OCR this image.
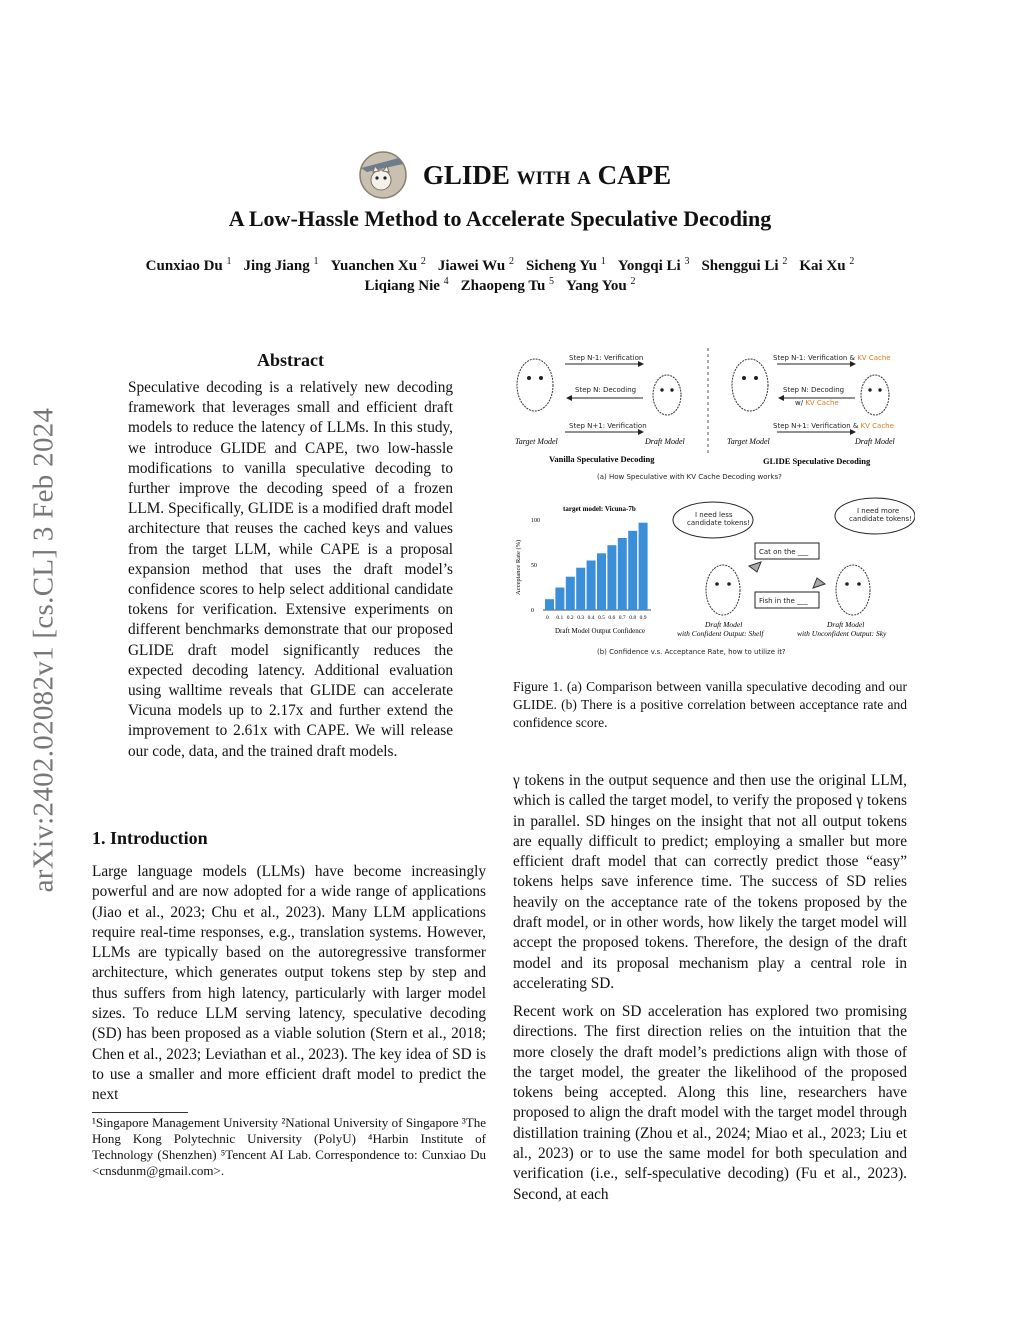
arXiv:2402.02082v1 [cs.CL] 3 Feb 2024
GLIDE with a CAPE
A Low-Hassle Method to Accelerate Speculative Decoding
Cunxiao Du $^1$ Jing Jiang $^1$ Yuanchen Xu $^2$ Jiawei Wu $^2$ Sicheng Yu $^1$ Yongqi Li $^3$ Shenggui Li $^2$ Kai Xu $^2$
Liqiang Nie $^4$ Zhaopeng Tu $^5$ Yang You $^2$
Abstract
Speculative decoding is a relatively new decoding framework that leverages small and efficient draft models to reduce the latency of LLMs. In this study, we introduce GLIDE and CAPE, two low-hassle modifications to vanilla speculative decoding to further improve the decoding speed of a frozen LLM. Specifically, GLIDE is a modified draft model architecture that reuses the cached keys and values from the target LLM, while CAPE is a proposal expansion method that uses the draft model’s confidence scores to help select additional candidate tokens for verification. Extensive experiments on different benchmarks demonstrate that our proposed GLIDE draft model significantly reduces the expected decoding latency. Additional evaluation using walltime reveals that GLIDE can accelerate Vicuna models up to 2.17x and further extend the improvement to 2.61x with CAPE. We will release our code, data, and the trained draft models.
1. Introduction
Large language models (LLMs) have become increasingly powerful and are now adopted for a wide range of applications (Jiao et al., 2023; Chu et al., 2023). Many LLM applications require real-time responses, e.g., translation systems. However, LLMs are typically based on the autoregressive transformer architecture, which generates output tokens step by step and thus suffers from high latency, particularly with larger model sizes. To reduce LLM serving latency, speculative decoding (SD) has been proposed as a viable solution (Stern et al., 2018; Chen et al., 2023; Leviathan et al., 2023). The key idea of SD is to use a smaller and more efficient draft model to predict the next
¹Singapore Management University ²National University of Singapore ³The Hong Kong Polytechnic University (PolyU) ⁴Harbin Institute of Technology (Shenzhen) ⁵Tencent AI Lab. Correspondence to: Cunxiao Du <cnsdunm@gmail.com>.
γ tokens in the output sequence and then use the original LLM, which is called the target model, to verify the proposed γ tokens in parallel. SD hinges on the insight that not all output tokens are equally difficult to predict; employing a smaller but more efficient draft model that can correctly predict those “easy” tokens helps save inference time. The success of SD relies heavily on the acceptance rate of the tokens proposed by the draft model, or in other words, how likely the target model will accept the proposed tokens. Therefore, the design of the draft model and its proposal mechanism play a central role in accelerating SD.
Recent work on SD acceleration has explored two promising directions. The first direction relies on the intuition that the more closely the draft model’s predictions align with those of the target model, the greater the likelihood of the proposed tokens being accepted. Along this line, researchers have proposed to align the draft model with the target model through distillation training (Zhou et al., 2024; Miao et al., 2023; Liu et al., 2023) or to use the same model for both speculation and verification (i.e., self-speculative decoding) (Fu et al., 2023). Second, at each
Figure 1. (a) Comparison between vanilla speculative decoding and our GLIDE. (b) There is a positive correlation between acceptance rate and confidence score.
Step N-1: Verification
Step N: Decoding
Step N+1: Verification
Target Model	Draft Model
Vanilla Speculative Decoding
Step N-1: Verification & KV Cache
Step N: Decoding
w/ KV Cache
Step N+1: Verification & KV Cache
Target Model	Draft Model
GLIDE Speculative Decoding
(a) How Speculative with KV Cache Decoding works?
target model: Vicuna-7b
Draft Model Output Confidence
Acceptance Rate (%)
0 0.1 0.2 0.3 0.4 0.5 0.6 0.7 0.8 0.9
0
50
100
I need less
candidate tokens!
I need more
candidate tokens!
Cat on the ___
Fish in the ___
Draft Model
with Confident Output: Shelf
Draft Model
with Unconfident Output: Sky
(b) Confidence v.s. Acceptance Rate, how to utilize it?
